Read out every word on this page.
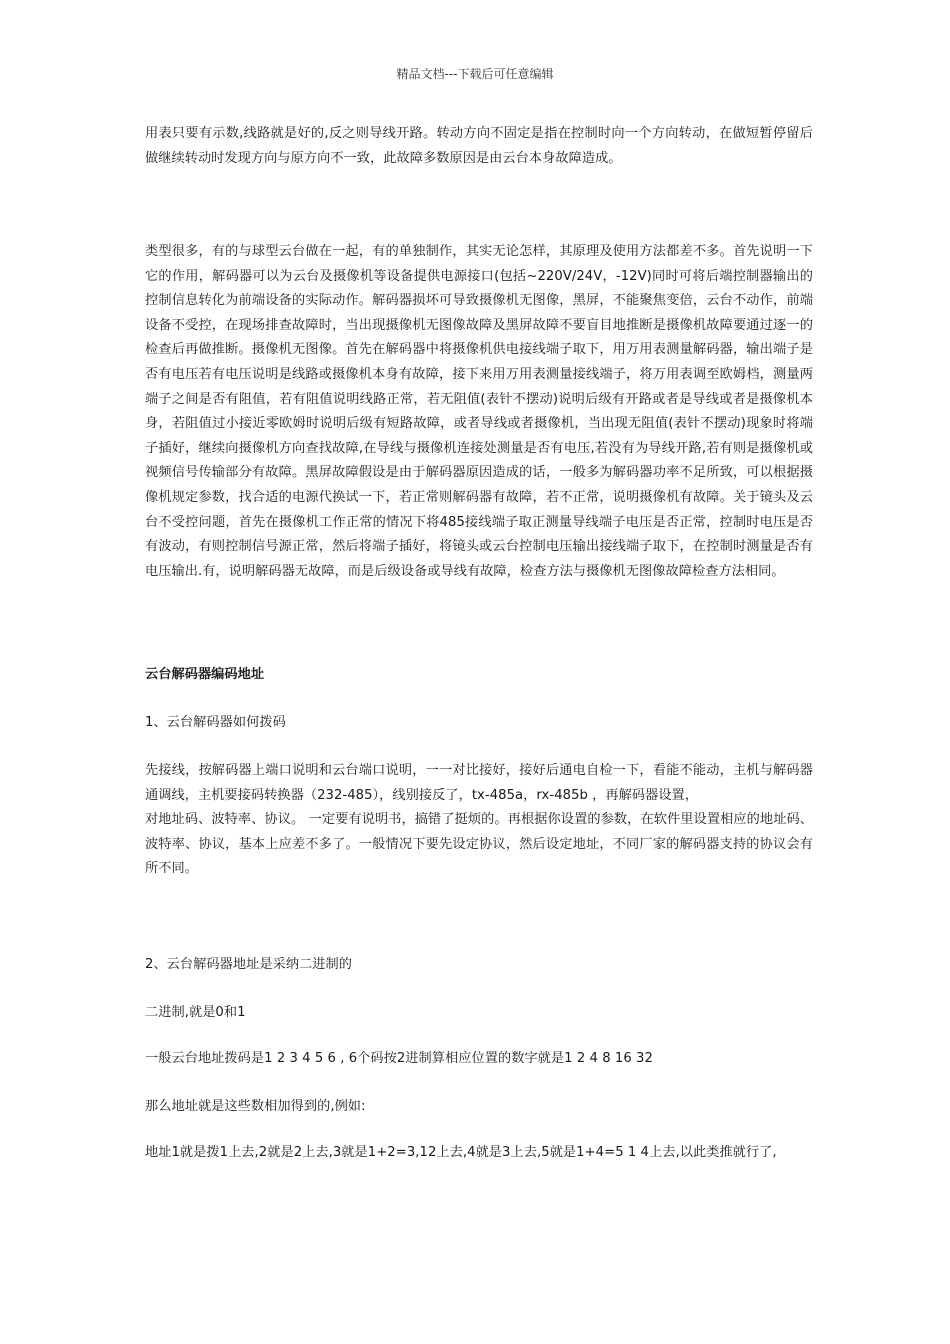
精品文档---下载后可任意编辑

用表只要有示数,线路就是好的,反之则导线开路。转动方向不固定是指在控制时向一个方向转动，在做短暂停留后做继续转动时发现方向与原方向不一致，此故障多数原因是由云台本身故障造成。

类型很多，有的与球型云台做在一起，有的单独制作，其实无论怎样，其原理及使用方法都差不多。首先说明一下它的作用，解码器可以为云台及摄像机等设备提供电源接口(包括~220V/24V，-12V)同时可将后端控制器输出的控制信息转化为前端设备的实际动作。解码器损坏可导致摄像机无图像，黑屏，不能聚焦变倍，云台不动作，前端设备不受控，在现场排查故障时，当出现摄像机无图像故障及黑屏故障不要盲目地推断是摄像机故障要通过逐一的检查后再做推断。摄像机无图像。首先在解码器中将摄像机供电接线端子取下，用万用表测量解码器，输出端子是否有电压若有电压说明是线路或摄像机本身有故障，接下来用万用表测量接线端子，将万用表调至欧姆档，测量两端子之间是否有阻值，若有阻值说明线路正常，若无阻值(表针不摆动)说明后级有开路或者是导线或者是摄像机本身，若阻值过小接近零欧姆时说明后级有短路故障，或者导线或者摄像机，当出现无阻值(表针不摆动)现象时将端子插好，继续向摄像机方向查找故障,在导线与摄像机连接处测量是否有电压,若没有为导线开路,若有则是摄像机或视频信号传输部分有故障。黑屏故障假设是由于解码器原因造成的话，一般多为解码器功率不足所致，可以根据摄像机规定参数，找合适的电源代换试一下，若正常则解码器有故障，若不正常，说明摄像机有故障。关于镜头及云台不受控问题，首先在摄像机工作正常的情况下将485接线端子取正测量导线端子电压是否正常，控制时电压是否有波动，有则控制信号源正常，然后将端子插好，将镜头或云台控制电压输出接线端子取下，在控制时测量是否有电压输出.有，说明解码器无故障，而是后级设备或导线有故障，检查方法与摄像机无图像故障检查方法相同。

云台解码器编码地址
1、云台解码器如何拨码

先接线，按解码器上端口说明和云台端口说明，一一对比接好，接好后通电自检一下，看能不能动，主机与解码器通调线，主机要接码转换器（232-485），线别接反了，tx-485a，rx-485b ，再解码器设置，

对地址码、波特率、协议。 一定要有说明书，搞错了挺烦的。再根据你设置的参数，在软件里设置相应的地址码、波特率、协议，基本上应差不多了。一般情况下要先设定协议，然后设定地址，不同厂家的解码器支持的协议会有所不同。

2、云台解码器地址是采纳二进制的
二进制,就是0和1
一般云台地址拨码是1 2 3 4 5 6 , 6个码按2进制算相应位置的数字就是1 2 4 8 16 32
那么地址就是这些数相加得到的,例如:

地址1就是拨1上去,2就是2上去,3就是1+2=3,12上去,4就是3上去,5就是1+4=5 1 4上去,以此类推就行了,
